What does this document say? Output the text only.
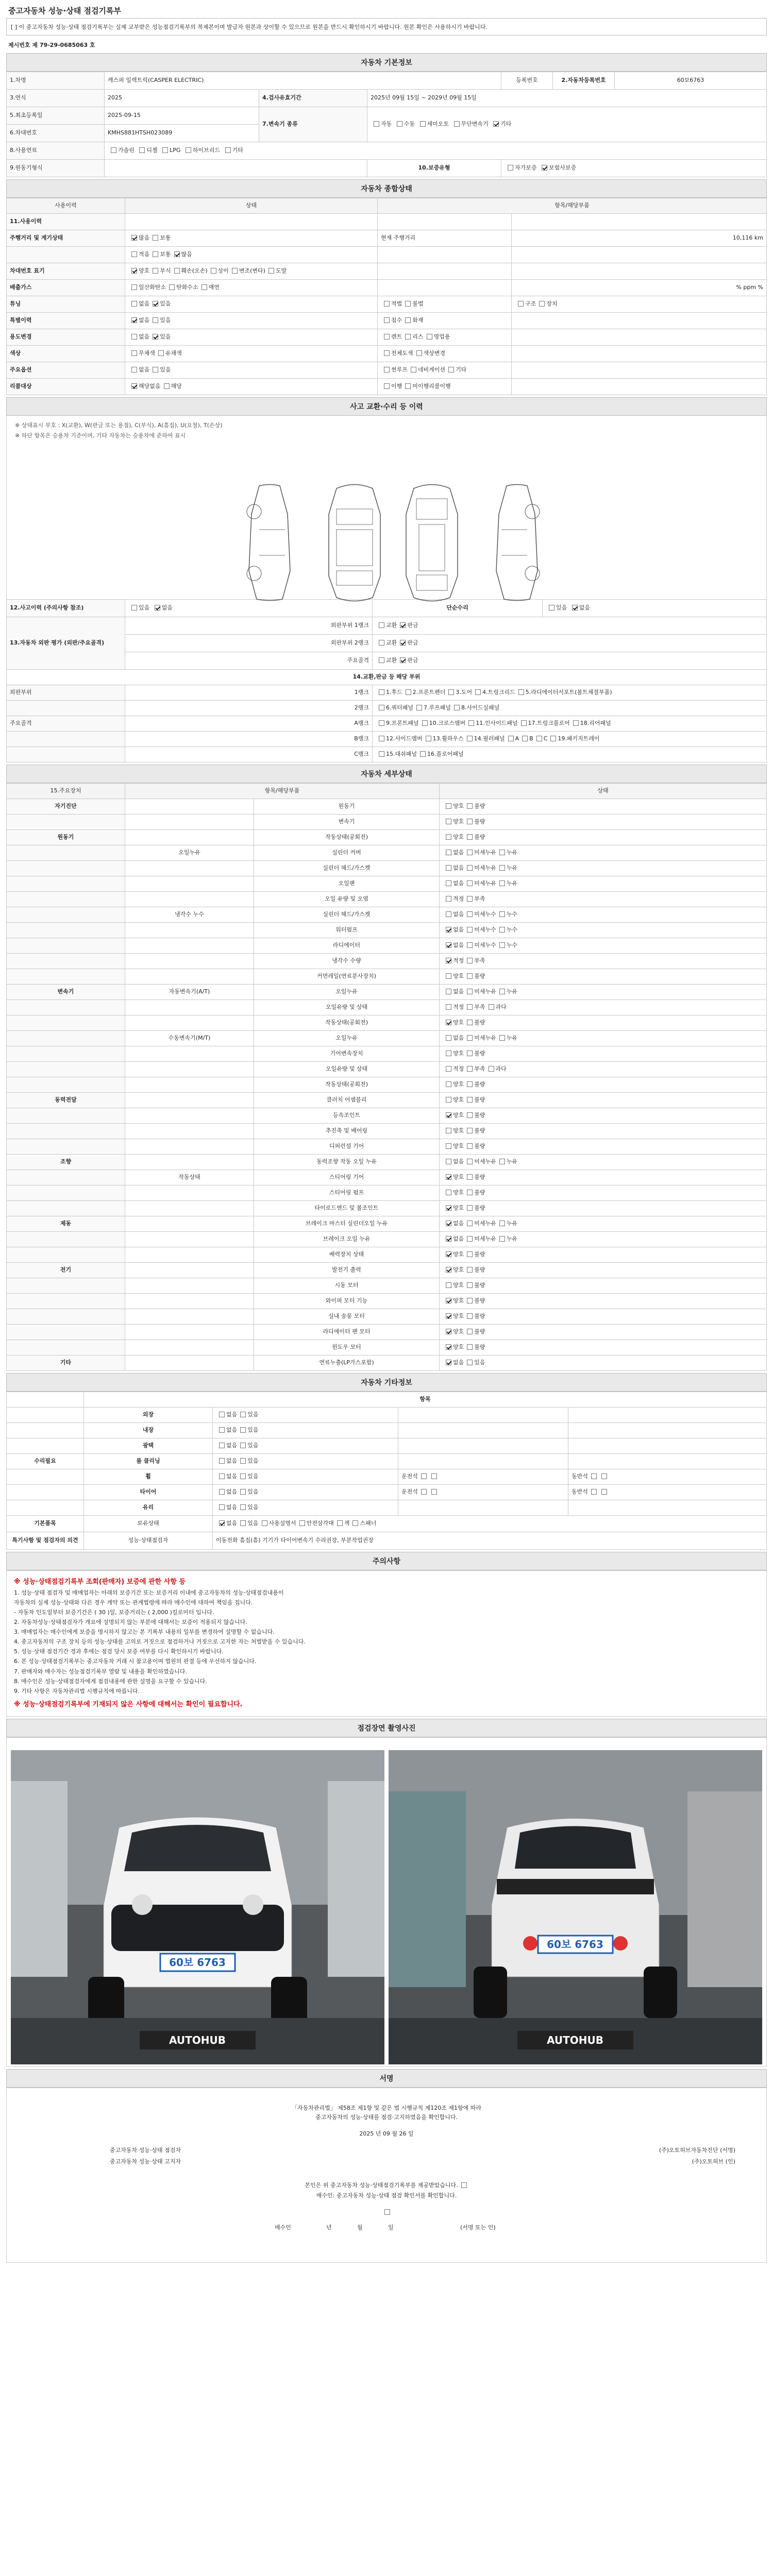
중고자동차 성능·상태 점검기록부
[ ] 이 중고자동차 성능·상태 점검기록부는 실제 교부받은 성능점검기록부의 복제본이며 발급자 원본과 상이할 수 있으므로 원본을 반드시 확인하시기 바랍니다. 원본 확인은 사용하시기 바랍니다.
제시번호 제 79-29-0685063 호
자동차 기본정보
1.차명	캐스퍼 일렉트릭(CASPER ELECTRIC)			등록번호	2.자동차등록번호	60보6763
3.연식	2025	4.검사유효기간	2025년 09월 15일 ~ 2029년 09월 15일			
5.최초등록일	2025-09-15	7.변속기 종류	자동 수동 세미오토 무단변속기 기타			
6.차대번호	KMHS881HTSH023089					
8.사용연료	가솔린 디젤 LPG 하이브리드 기타					
9.원동기형식			10.보증유형	자가보증 보험사보증		
자동차 종합상태
사용이력	상태	항목/해당부품	
11.사용이력			
주행거리 및 계기상태	많음 보통	현재 주행거리	10,116 km
	적음 보통 많음		
차대번호 표기	양호 부식 훼손(오손) 상이 변조(변타) 도말		
배출가스	일산화탄소 탄화수소 매연		% ppm %
튜닝	없음 있음	적법 불법	구조 장치
특별이력	없음 있음	침수 화재	
용도변경	없음 있음	렌트 리스 영업용	
색상	무채색 유채색	전체도색 색상변경	
주요옵션	없음 있음	썬루프 네비게이션 기타	
리콜대상	해당없음 해당	이행 미이행리콜이행	
사고 교환·수리 등 이력
※ 상태표시 부호 : X(교환), W(판금 또는 용접), C(부식), A(흠집), U(요철), T(손상)
※ 하단 항목은 승용차 기준이며, 기타 자동차는 승용차에 준하여 표시
12.사고이력 (주의사항 참조)	있음 없음	단순수리	있음 없음
13.자동차 외판 평가 (외판/주요골격)	외판부위 1랭크	교환 판금	
	외판부위 2랭크	교환 판금	
	주요골격	교환 판금	
14.교환,판금 등 해당 부위			
외판부위	1랭크	1.후드 2.프론트펜더 3.도어 4.트렁크리드 5.라디에이터서포트(볼트체결부품)	
	2랭크	6.쿼터패널 7.루프패널 8.사이드실패널	
주요골격	A랭크	9.프론트패널 10.크로스멤버 11.인사이드패널 17.트렁크플로어 18.리어패널	
	B랭크	12.사이드멤버 13.휠하우스 14.필러패널 A B C 19.패키지트레이	
	C랭크	15.대쉬패널 16.플로어패널	
자동차 세부상태
15.주요장치	항목/해당부품		상태
자기진단		원동기	양호 불량
		변속기	양호 불량
원동기		작동상태(공회전)	양호 불량
	오일누유	실린더 커버	없음 미세누유 누유
		실린더 헤드/가스켓	없음 미세누유 누유
		오일팬	없음 미세누유 누유
		오일 유량 및 오염	적정 부족
	냉각수 누수	실린더 헤드/가스켓	없음 미세누수 누수
		워터펌프	없음 미세누수 누수
		라디에이터	없음 미세누수 누수
		냉각수 수량	적정 부족
		커먼레일(연료분사장치)	양호 불량
변속기	자동변속기(A/T)	오일누유	없음 미세누유 누유
		오일유량 및 상태	적정 부족 과다
		작동상태(공회전)	양호 불량
	수동변속기(M/T)	오일누유	없음 미세누유 누유
		기어변속장치	양호 불량
		오일유량 및 상태	적정 부족 과다
		작동상태(공회전)	양호 불량
동력전달		클러치 어셈블리	양호 불량
		등속조인트	양호 불량
		추진축 및 베어링	양호 불량
		디퍼런셜 기어	양호 불량
조향		동력조향 작동 오일 누유	없음 미세누유 누유
	작동상태	스티어링 기어	양호 불량
		스티어링 펌프	양호 불량
		타이로드엔드 및 볼조인트	양호 불량
제동		브레이크 마스터 실린더오일 누유	없음 미세누유 누유
		브레이크 오일 누유	없음 미세누유 누유
		배력장치 상태	양호 불량
전기		발전기 출력	양호 불량
		시동 모터	양호 불량
		와이퍼 모터 기능	양호 불량
		실내 송풍 모터	양호 불량
		라디에이터 팬 모터	양호 불량
		윈도우 모터	양호 불량
기타		연료누출(LP가스포함)	없음 있음
자동차 기타정보
	항목			
	외장	없음 있음		
	내장	없음 있음		
	광택	없음 있음		
수리필요	룸 클리닝	없음 있음		
	휠	없음 있음	운전석	동반석
	타이어	없음 있음	운전석	동반석
	유리	없음 있음		
기본품목	보유상태	없음 있음 사용설명서 안전삼각대 잭 스패너		
특기사항 및 점검자의 의견	성능·상태점검자	이동전화 흠집(흠) 기기가 타이어변속기 수리권장, 부분작업권장		
주의사항

※ 성능·상태점검기록부 조회(판매자) 보증에 관한 사항 등

1. 성능·상태 점검자 및 매매업자는 아래의 보증기간 또는 보증거리 이내에 중고자동차의 성능·상태점검내용이

자동차의 실제 성능·상태와 다른 경우 계약 또는 관계법령에 따라 매수인에 대하여 책임을 집니다.

- 자동차 인도일부터 보증기간은 ( 30 )일, 보증거리는 ( 2,000 )킬로미터 입니다.

2. 자동차성능·상태점검자가 개요에 설명되지 않는 부분에 대해서는 보증이 적용되지 않습니다.

3. 매매업자는 매수인에게 보증을 명시하지 않고는 본 기록부 내용의 일부를 변경하여 설명할 수 없습니다.

4. 중고자동차의 구조 장치 등의 성능·상태를 고의로 거짓으로 점검하거나 거짓으로 고지한 자는 처벌받을 수 있습니다.

5. 성능·상태 점검기간 경과 후에는 점검 당시 보증 여부를 다시 확인하시기 바랍니다.

6. 본 성능·상태점검기록부는 중고자동차 거래 시 참고용이며 법원의 판결 등에 우선하지 않습니다.

7. 판매자와 매수자는 성능점검기록부 열람 및 내용을 확인하였습니다.

8. 매수인은 성능·상태점검자에게 점검내용에 관한 설명을 요구할 수 있습니다.

9. 기타 사항은 자동차관리법 시행규칙에 따릅니다.

※ 성능·상태점검기록부에 기재되지 않은 사항에 대해서는 확인이 필요합니다.

점검장면 촬영사진
60보 6763
AUTOHUB
60보 6763
AUTOHUB
서명
「자동차관리법」 제58조 제1항 및 같은 법 시행규칙 제120조 제1항에 따라
중고자동차의 성능·상태를 점검·고지하였음을 확인합니다.
2025 년 09 월 26 일
중고자동차 성능·상태 점검자	(주)오토허브자동차진단 (서명)
중고자동차 성능·상태 고지자	(주)오토허브 (인)
본인은 위 중고자동차 성능·상태점검기록부를 제공받았습니다.
매수인: 중고자동차 성능·상태 점검 확인서를 확인합니다.
매수인	년	월	일	(서명 또는 인)
